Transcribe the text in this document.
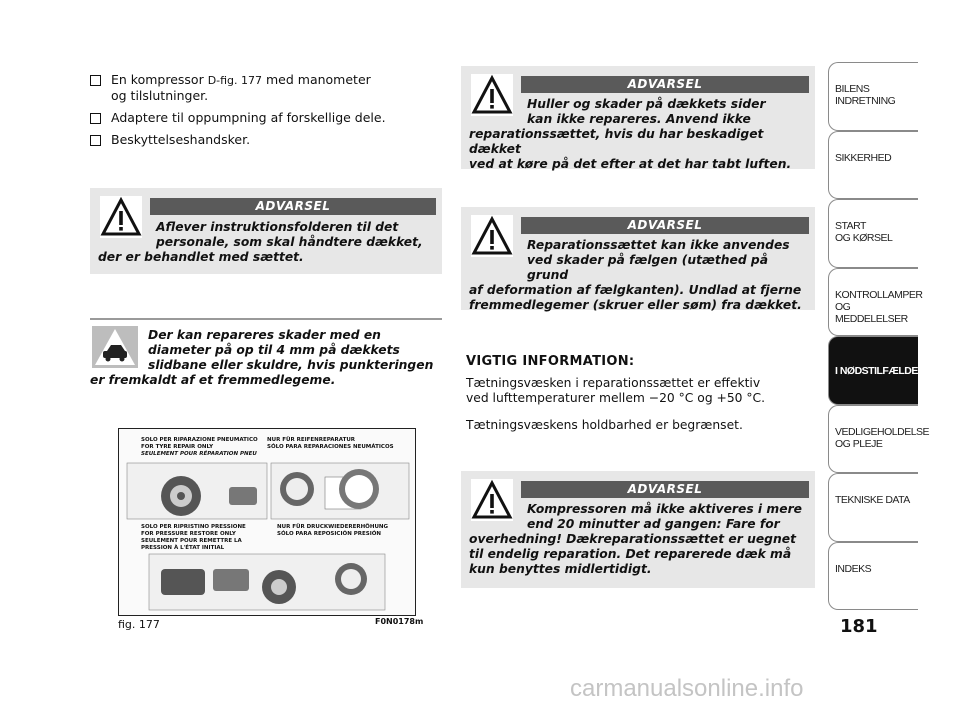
En kompressor D-fig. 177 med manometer
og tilslutninger.
Adaptere til oppumpning af forskellige dele.
Beskyttelseshandsker.
ADVARSEL
Aflever instruktionsfolderen til det
personale, som skal håndtere dækket,
der er behandlet med sættet.
ADVARSEL
Huller og skader på dækkets sider
kan ikke repareres. Anvend ikke
reparationssættet, hvis du har beskadiget dækket
ved at køre på det efter at det har tabt luften.
ADVARSEL
Reparationssættet kan ikke anvendes
ved skader på fælgen (utæthed på grund
af deformation af fælgkanten). Undlad at fjerne
fremmedlegemer (skruer eller søm) fra dækket.
ADVARSEL
Kompressoren må ikke aktiveres i mere
end 20 minutter ad gangen: Fare for
overhedning! Dækreparationssættet er uegnet
til endelig reparation. Det reparerede dæk må
kun benyttes midlertidigt.
Der kan repareres skader med en
diameter på op til 4 mm på dækkets
slidbane eller skuldre, hvis punkteringen
er fremkaldt af et fremmedlegeme.
SOLO PER RIPARAZIONE PNEUMATICO
FOR TYRE REPAIR ONLY
SEULEMENT POUR RÉPARATION PNEU
NUR FÜR REIFENREPARATUR
SÓLO PARA REPARACIONES NEUMÁTICOS
SOLO PER RIPRISTINO PRESSIONE
FOR PRESSURE RESTORE ONLY
SEULEMENT POUR REMETTRE LA
PRESSION À L'ÉTAT INITIAL
NUR FÜR DRUCKWIEDERERHÖHUNG
SÓLO PARA REPOSICIÓN PRESIÓN
fig. 177	F0N0178m
VIGTIG INFORMATION:
Tætningsvæsken i reparationssættet er effektiv
ved lufttemperaturer mellem −20 °C og +50 °C.
Tætningsvæskens holdbarhed er begrænset.
BILENS
INDRETNING
SIKKERHED
START
OG KØRSEL
KONTROLLAMPER
OG MEDDELELSER
I NØDSTILFÆLDE
VEDLIGEHOLDELSE
OG PLEJE
TEKNISKE DATA
INDEKS
181
carmanualsonline.info
